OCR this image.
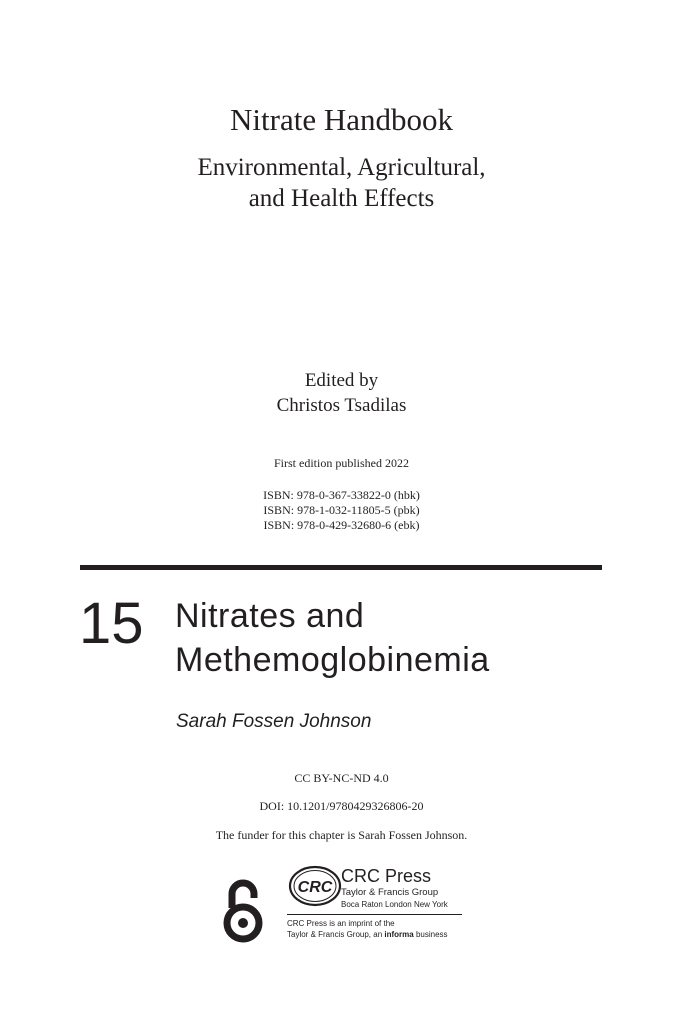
Nitrate Handbook
Environmental, Agricultural,
and Health Effects
Edited by
Christos Tsadilas
First edition published 2022
ISBN: 978-0-367-33822-0 (hbk)
ISBN: 978-1-032-11805-5 (pbk)
ISBN: 978-0-429-32680-6 (ebk)
15 Nitrates and
Methemoglobinemia
Sarah Fossen Johnson
CC BY-NC-ND 4.0
DOI: 10.1201/9780429326806-20
The funder for this chapter is Sarah Fossen Johnson.
CRC
CRC Press
Taylor & Francis Group
Boca Raton London New York
CRC Press is an imprint of the
Taylor & Francis Group, an informa business
